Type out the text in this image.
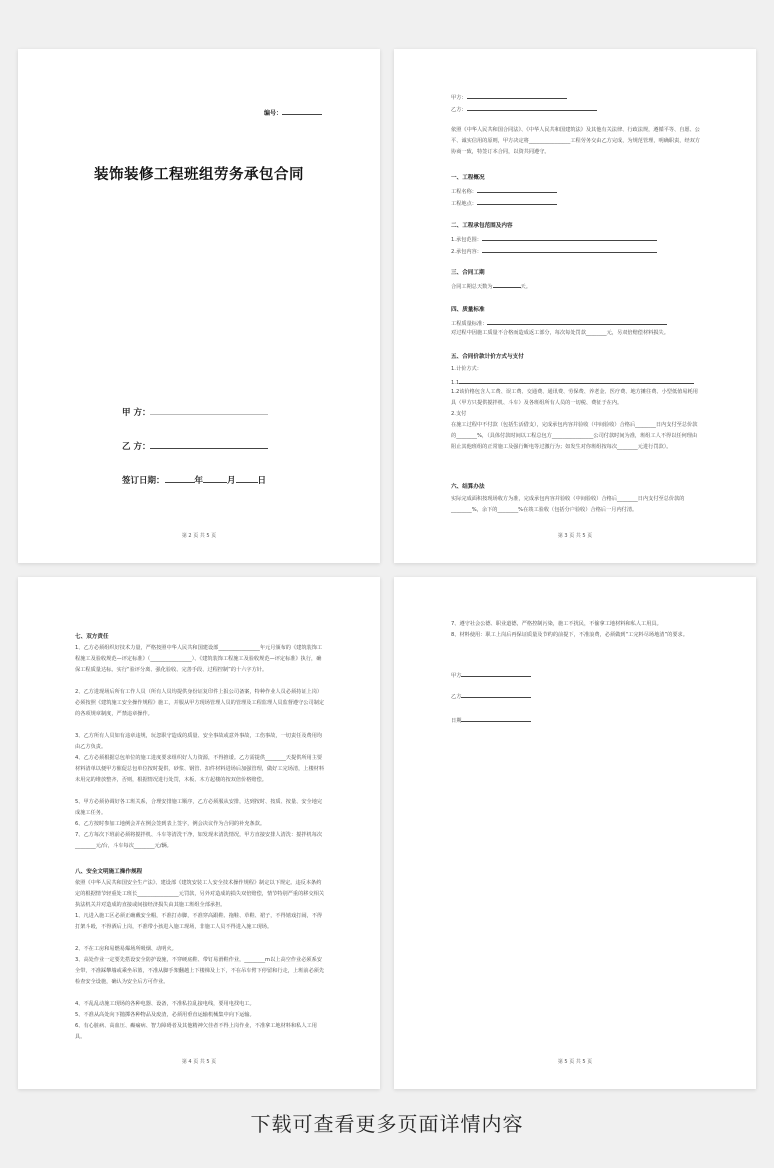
编号：
装饰装修工程班组劳务承包合同
甲 方：
乙 方：
签订日期：	年	月	日
第 2 页 共 5 页
甲方：
乙方：
依照《中华人民共和国合同法》、《中华人民共和国建筑法》及其他有关法律、行政法规，遵循平等、自愿、公平、诚实信用的原则，甲方决定将________________工程劳务交由乙方完成，为规范管理，明确职责，经双方协商一致，特签订本合同，以资共同遵守。
一、工程概况
工程名称：
工程地点：
二、工程承包范围及内容
1.承包范围：
2.承包内容：
三、合同工期
合同工期总天数为	天。
四、质量标准
工程质量标准：
对过程中因施工质量不合格而造成返工部分，每次每处罚款________元，另双倍赔偿材料损失。
五、合同价款计价方式与支付
1.计价方式：
1.1
1.2该价格包含人工费、误工费、交通费、通讯费、劳保费、养老金、医疗费、地方摊往费、小型低值易耗用具（甲方只提供搅拌机、斗车）及各班组所有人员的一切税、费征于在内。
2.支付
在施工过程中不付款（包括生活借支），完成承包内容并验收（中间验收）合格后________日内支付至总价款的________%，（具体付款时间以工程总包方________________公司付款时间为准，班组工人不得以任何理由阻止其他班组的正常施工及强行断电等过激行为；如发生对你班组按每次________元进行罚款）。
六、结算办法
实际完成面积按现场收方为准，完成承包内容并验收（中间验收）合格后________日内支付至总价款的________%，余下的________%在竣工验收（包括分户验收）合格后一月内付清。
第 3 页 共 5 页
七、双方责任
1、乙方必须组织好技术力量，严格按照中华人民共和国建设部________________年元月颁布的《建筑装饰工程施工及验收规范—评定标准》（________________）、《建筑装饰工程施工及验收规范—评定标准》执行，确保工程质量达标。实行“验评分离、强化验收、完善手段、过程控制”的十六字方针。
2、乙方进现场后所有工作人员（所有人员均提供身份证复印件上报公司备案，特种作业人员必须持证上岗）必须按照《建筑施工安全操作规程》施工，并服从甲方现场管理人员的管理及工程监理人员监督遵守公司制定的各项规章制度，严禁违章操作。
3、乙方所有人员如有违章违规，玩忽职守造成的质量、安全事故或意外事故，工伤事故，一切责任及费用均由乙方负责。
4、乙方必须根据总包单位的施工进度要求组织好人力资源，不得推诿。乙方需提供________天提供所用主要材料清单以便甲方催促总包单位按时提供，砂浆、钢管、扣件材料进场后加强管理，做好工完场清，上楼材料未用完的堆放整齐，否则，根据情况进行处罚，木板、木方起楼的按双倍价格赔偿。
5、甲方必须协调好各工班关系，合理安排施工顺序，乙方必须服从安排，达到按时、按质、按量、安全地完成施工任务。
6、乙方按时参加工地例会并在例会签到表上签字，例会决议作为合同的补充条款。
7、乙方每次下班前必须将搅拌机、斗车等清洗干净，如发现未清洗情况，甲方直接安排人清洗：搅拌机每次________元/台，斗车每次________元/辆。
八、安全文明施工操作规程
依照《中华人民共和国安全生产法》、建设部《建筑安装工人安全技术操作规程》制定以下规定。违反本条约定的根据情节轻重处工班长________________元罚款，另外对造成的损失双倍赔偿，情节特别严重的移交相关执法机关并对造成的直接或间接经济损失由其施工班组全部承担。
1、凡进入施工区必须正确戴安全帽，不准打赤脚，不准穿高跟鞋、拖鞋、草鞋、裙子，不得嬉戏打闹，不得打架斗殴，不得酒后上岗，不准带小孩进入施工现场，非施工人员不得进入施工现场。
2、不在工房和易燃易爆场所吸烟、动明火。
3、高处作业一定要先搭设安全防护设施，不穿硬底鞋、带钉易滑鞋作业，________m以上高空作业必须系安全带，不准踩攀墙或乘坐吊篮，不准从脚手架翻越上下楼梯及上下，不在吊车臂下停留和行走，上班前必须先检查安全设施，确认为安全后方可作业。
4、不乱乱动施工现场的各种电器、设备，不准私拉乱接电线，要用电找电工。
5、不准从高处向下抛掷各种物品及废渣，必须用垂直运输机械集中向下运输。
6、有心脏病、高血压、癫痫病、智力障碍者及其他精神欠佳者不得上岗作业，不准拿工地材料和私人工用具。
第 4 页 共 5 页
7、遵守社会公德、职业道德，严格控制污染，施工不扰民，不偷拿工地材料和私人工用具。
8、材料使用：职工上岗后再保证质量及节约的前提下，不准浪费，必须做到“工完料尽场地清”的要求。
甲方
乙方
日期
第 5 页 共 5 页
下载可查看更多页面详情内容
